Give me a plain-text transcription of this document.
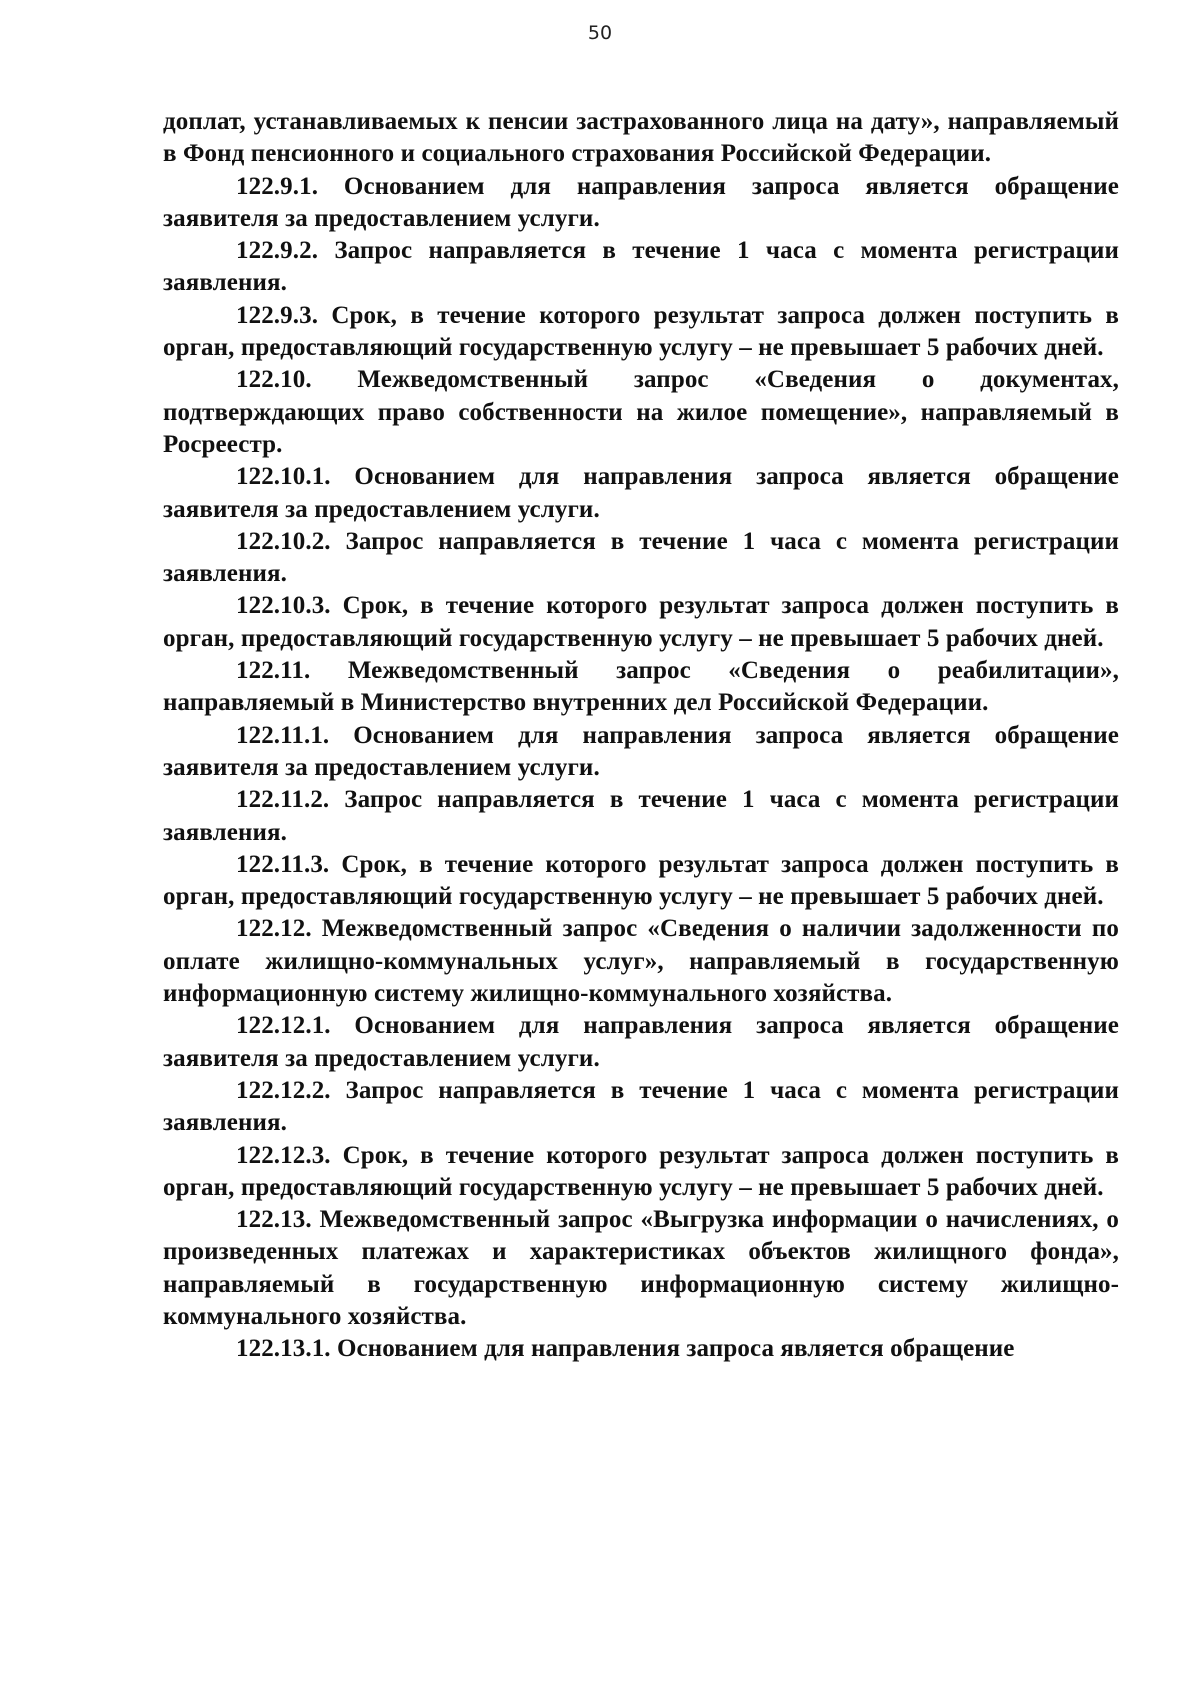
50

доплат, устанавливаемых к пенсии застрахованного лица на дату», направляемый в Фонд пенсионного и социального страхования Российской Федерации.

122.9.1. Основанием для направления запроса является обращение заявителя за предоставлением услуги.

122.9.2. Запрос направляется в течение 1 часа с момента регистрации заявления.

122.9.3. Срок, в течение которого результат запроса должен поступить в орган, предоставляющий государственную услугу – не превышает 5 рабочих дней.

122.10. Межведомственный запрос «Сведения о документах, подтверждающих право собственности на жилое помещение», направляемый в Росреестр.

122.10.1. Основанием для направления запроса является обращение заявителя за предоставлением услуги.

122.10.2. Запрос направляется в течение 1 часа с момента регистрации заявления.

122.10.3. Срок, в течение которого результат запроса должен поступить в орган, предоставляющий государственную услугу – не превышает 5 рабочих дней.

122.11. Межведомственный запрос «Сведения о реабилитации», направляемый в Министерство внутренних дел Российской Федерации.

122.11.1. Основанием для направления запроса является обращение заявителя за предоставлением услуги.

122.11.2. Запрос направляется в течение 1 часа с момента регистрации заявления.

122.11.3. Срок, в течение которого результат запроса должен поступить в орган, предоставляющий государственную услугу – не превышает 5 рабочих дней.

122.12. Межведомственный запрос «Сведения о наличии задолженности по оплате жилищно-коммунальных услуг», направляемый в государственную информационную систему жилищно-коммунального хозяйства.

122.12.1. Основанием для направления запроса является обращение заявителя за предоставлением услуги.

122.12.2. Запрос направляется в течение 1 часа с момента регистрации заявления.

122.12.3. Срок, в течение которого результат запроса должен поступить в орган, предоставляющий государственную услугу – не превышает 5 рабочих дней.

122.13. Межведомственный запрос «Выгрузка информации о начислениях, о произведенных платежах и характеристиках объектов жилищного фонда», направляемый в государственную информационную систему жилищно-коммунального хозяйства.

122.13.1. Основанием для направления запроса является обращение
